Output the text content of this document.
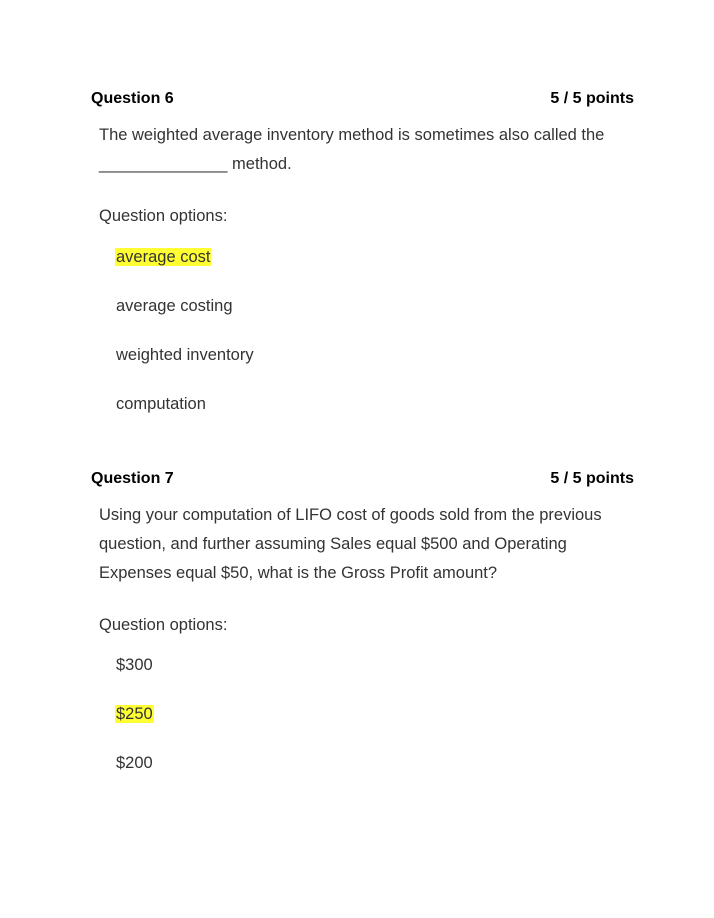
Question 6	5 / 5 points
The weighted average inventory method is sometimes also called the
______________ method.
Question options:
average cost
average costing
weighted inventory
computation
Question 7	5 / 5 points
Using your computation of LIFO cost of goods sold from the previous
question, and further assuming Sales equal $500 and Operating
Expenses equal $50, what is the Gross Profit amount?
Question options:
$300
$250
$200
